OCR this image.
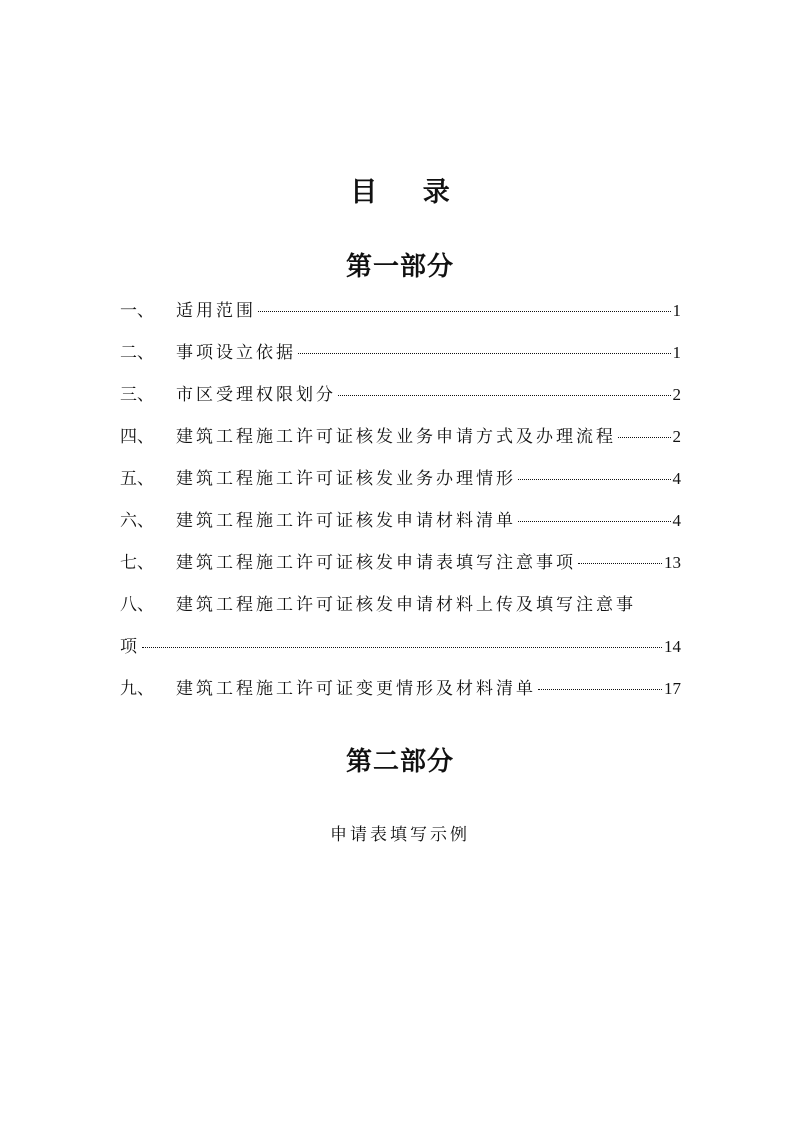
目 录
第一部分
一、	适用范围	1
二、	事项设立依据	1
三、	市区受理权限划分	2
四、	建筑工程施工许可证核发业务申请方式及办理流程	2
五、	建筑工程施工许可证核发业务办理情形	4
六、	建筑工程施工许可证核发申请材料清单	4
七、	建筑工程施工许可证核发申请表填写注意事项	13
八、	建筑工程施工许可证核发申请材料上传及填写注意事
项	14
九、	建筑工程施工许可证变更情形及材料清单	17
第二部分
申请表填写示例
